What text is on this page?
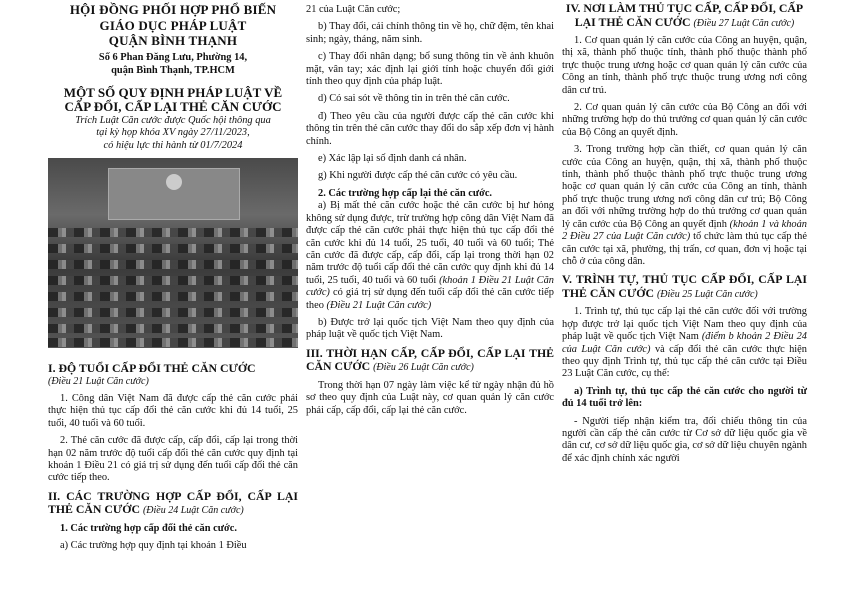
HỘI ĐỒNG PHỐI HỢP PHỔ BIẾN
GIÁO DỤC PHÁP LUẬT
QUẬN BÌNH THẠNH
Số 6 Phan Đăng Lưu, Phường 14,
quận Bình Thạnh, TP.HCM
MỘT SỐ QUY ĐỊNH PHÁP LUẬT VỀ
CẤP ĐỔI, CẤP LẠI THẺ CĂN CƯỚC
Trích Luật Căn cước được Quốc hội thông qua
tại kỳ họp khóa XV ngày 27/11/2023,
có hiệu lực thi hành từ 01/7/2024
I. ĐỘ TUỔI CẤP ĐỔI THẺ CĂN CƯỚC

(Điều 21 Luật Căn cước)

1. Công dân Việt Nam đã được cấp thẻ căn cước phải thực hiện thủ tục cấp đổi thẻ căn cước khi đủ 14 tuổi, 25 tuổi, 40 tuổi và 60 tuổi.

2. Thẻ căn cước đã được cấp, cấp đổi, cấp lại trong thời hạn 02 năm trước độ tuổi cấp đổi thẻ căn cước quy định tại khoản 1 Điều 21 có giá trị sử dụng đến tuổi cấp đổi thẻ căn cước tiếp theo.

II. CÁC TRƯỜNG HỢP CẤP ĐỔI, CẤP LẠI THẺ CĂN CƯỚC (Điều 24 Luật Căn cước)

1. Các trường hợp cấp đổi thẻ căn cước.

a) Các trường hợp quy định tại khoản 1 Điều

21 của Luật Căn cước;

b) Thay đổi, cải chính thông tin về họ, chữ đệm, tên khai sinh; ngày, tháng, năm sinh.

c) Thay đổi nhân dạng; bổ sung thông tin về ảnh khuôn mặt, vân tay; xác định lại giới tính hoặc chuyển đổi giới tính theo quy định của pháp luật.

d) Có sai sót về thông tin in trên thẻ căn cước.

đ) Theo yêu cầu của người được cấp thẻ căn cước khi thông tin trên thẻ căn cước thay đổi do sắp xếp đơn vị hành chính.

e) Xác lập lại số định danh cá nhân.

g) Khi người được cấp thẻ căn cước có yêu cầu.

2. Các trường hợp cấp lại thẻ căn cước.

a) Bị mất thẻ căn cước hoặc thẻ căn cước bị hư hỏng không sử dụng được, trừ trường hợp công dân Việt Nam đã được cấp thẻ căn cước phải thực hiện thủ tục cấp đổi thẻ căn cước khi đủ 14 tuổi, 25 tuổi, 40 tuổi và 60 tuổi; Thẻ căn cước đã được cấp, cấp đổi, cấp lại trong thời hạn 02 năm trước độ tuổi cấp đổi thẻ căn cước quy định khi đủ 14 tuổi, 25 tuổi, 40 tuổi và 60 tuổi (khoản 1 Điều 21 Luật Căn cước) có giá trị sử dụng đến tuổi cấp đổi thẻ căn cước tiếp theo (Điều 21 Luật Căn cước)

b) Được trở lại quốc tịch Việt Nam theo quy định của pháp luật về quốc tịch Việt Nam.

III. THỜI HẠN CẤP, CẤP ĐỔI, CẤP LẠI THẺ CĂN CƯỚC (Điều 26 Luật Căn cước)

Trong thời hạn 07 ngày làm việc kể từ ngày nhận đủ hồ sơ theo quy định của Luật này, cơ quan quản lý căn cước phải cấp, cấp đổi, cấp lại thẻ căn cước.

IV. NƠI LÀM THỦ TỤC CẤP, CẤP ĐỔI, CẤP LẠI THẺ CĂN CƯỚC (Điều 27 Luật Căn cước)

1. Cơ quan quản lý căn cước của Công an huyện, quận, thị xã, thành phố thuộc tỉnh, thành phố thuộc thành phố trực thuộc trung ương hoặc cơ quan quản lý căn cước của Công an tỉnh, thành phố trực thuộc trung ương nơi công dân cư trú.

2. Cơ quan quản lý căn cước của Bộ Công an đối với những trường hợp do thủ trưởng cơ quan quản lý căn cước của Bộ Công an quyết định.

3. Trong trường hợp cần thiết, cơ quan quản lý căn cước của Công an huyện, quận, thị xã, thành phố thuộc tỉnh, thành phố thuộc thành phố trực thuộc trung ương hoặc cơ quan quản lý căn cước của Công an tỉnh, thành phố trực thuộc trung ương nơi công dân cư trú; Bộ Công an đối với những trường hợp do thủ trưởng cơ quan quản lý căn cước của Bộ Công an quyết định (khoản 1 và khoản 2 Điều 27 của Luật Căn cước) tổ chức làm thủ tục cấp thẻ căn cước tại xã, phường, thị trấn, cơ quan, đơn vị hoặc tại chỗ ở của công dân.

V. TRÌNH TỰ, THỦ TỤC CẤP ĐỔI, CẤP LẠI THẺ CĂN CƯỚC (Điều 25 Luật Căn cước)

1. Trình tự, thủ tục cấp lại thẻ căn cước đối với trường hợp được trở lại quốc tịch Việt Nam theo quy định của pháp luật về quốc tịch Việt Nam (điểm b khoản 2 Điều 24 của Luật Căn cước) và cấp đổi thẻ căn cước thực hiện theo quy định Trình tự, thủ tục cấp thẻ căn cước tại Điều 23 Luật Căn cước, cụ thể:

a) Trình tự, thủ tục cấp thẻ căn cước cho người từ đủ 14 tuổi trở lên:

- Người tiếp nhận kiểm tra, đối chiếu thông tin của người cần cấp thẻ căn cước từ Cơ sở dữ liệu quốc gia về dân cư, cơ sở dữ liệu quốc gia, cơ sở dữ liệu chuyên ngành để xác định chính xác người
